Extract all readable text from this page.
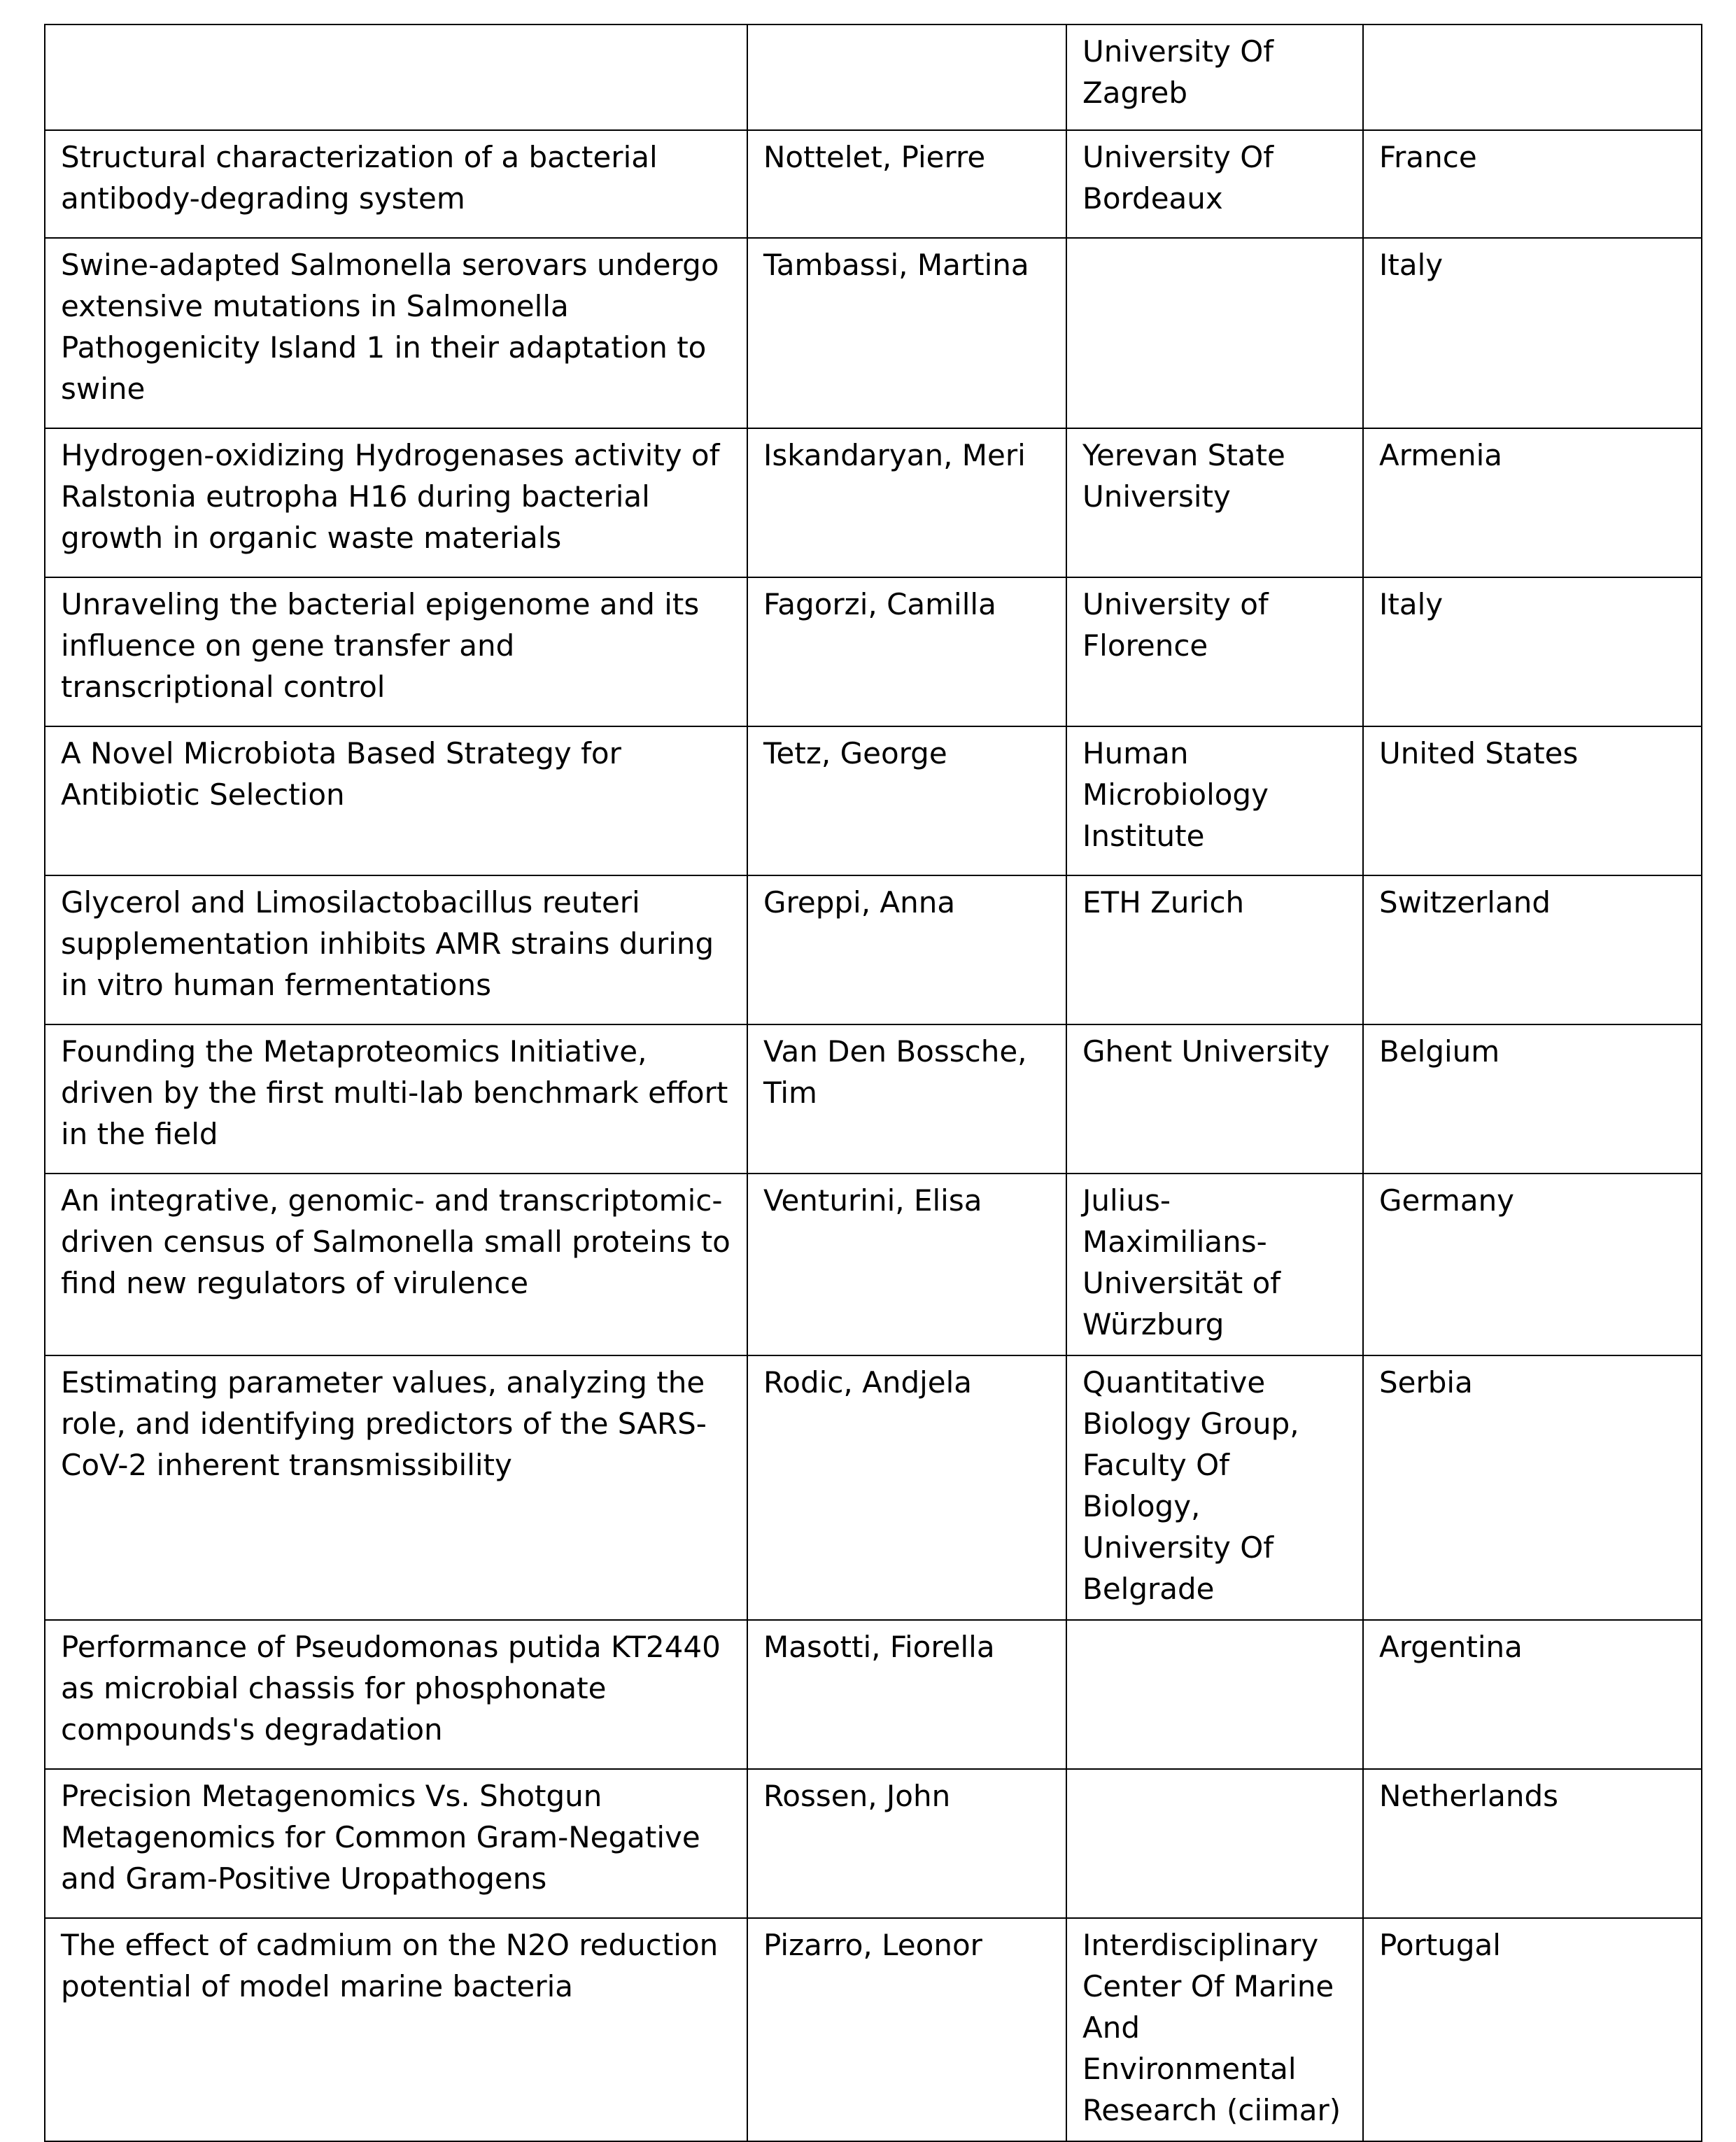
		University Of Zagreb	
Structural characterization of a bacterial antibody-degrading system	Nottelet, Pierre	University Of Bordeaux	France
Swine-adapted Salmonella serovars undergo extensive mutations in Salmonella Pathogenicity Island 1 in their adaptation to swine	Tambassi, Martina		Italy
Hydrogen-oxidizing Hydrogenases activity of Ralstonia eutropha H16 during bacterial growth in organic waste materials	Iskandaryan, Meri	Yerevan State University	Armenia
Unraveling the bacterial epigenome and its influence on gene transfer and transcriptional control	Fagorzi, Camilla	University of Florence	Italy
A Novel Microbiota Based Strategy for Antibiotic Selection	Tetz, George	Human Microbiology Institute	United States
Glycerol and Limosilactobacillus reuteri supplementation inhibits AMR strains during in vitro human fermentations	Greppi, Anna	ETH Zurich	Switzerland
Founding the Metaproteomics Initiative, driven by the first multi-lab benchmark effort in the field	Van Den Bossche, Tim	Ghent University	Belgium
An integrative, genomic- and transcriptomic-driven census of Salmonella small proteins to find new regulators of virulence	Venturini, Elisa	Julius-Maximilians-Universität of Würzburg	Germany
Estimating parameter values, analyzing the role, and identifying predictors of the SARS-CoV-2 inherent transmissibility	Rodic, Andjela	Quantitative Biology Group, Faculty Of Biology, University Of Belgrade	Serbia
Performance of Pseudomonas putida KT2440 as microbial chassis for phosphonate compounds's degradation	Masotti, Fiorella		Argentina
Precision Metagenomics Vs. Shotgun Metagenomics for Common Gram-Negative and Gram-Positive Uropathogens	Rossen, John		Netherlands
The effect of cadmium on the N2O reduction potential of model marine bacteria	Pizarro, Leonor	Interdisciplinary Center Of Marine And Environmental Research (ciimar)	Portugal
